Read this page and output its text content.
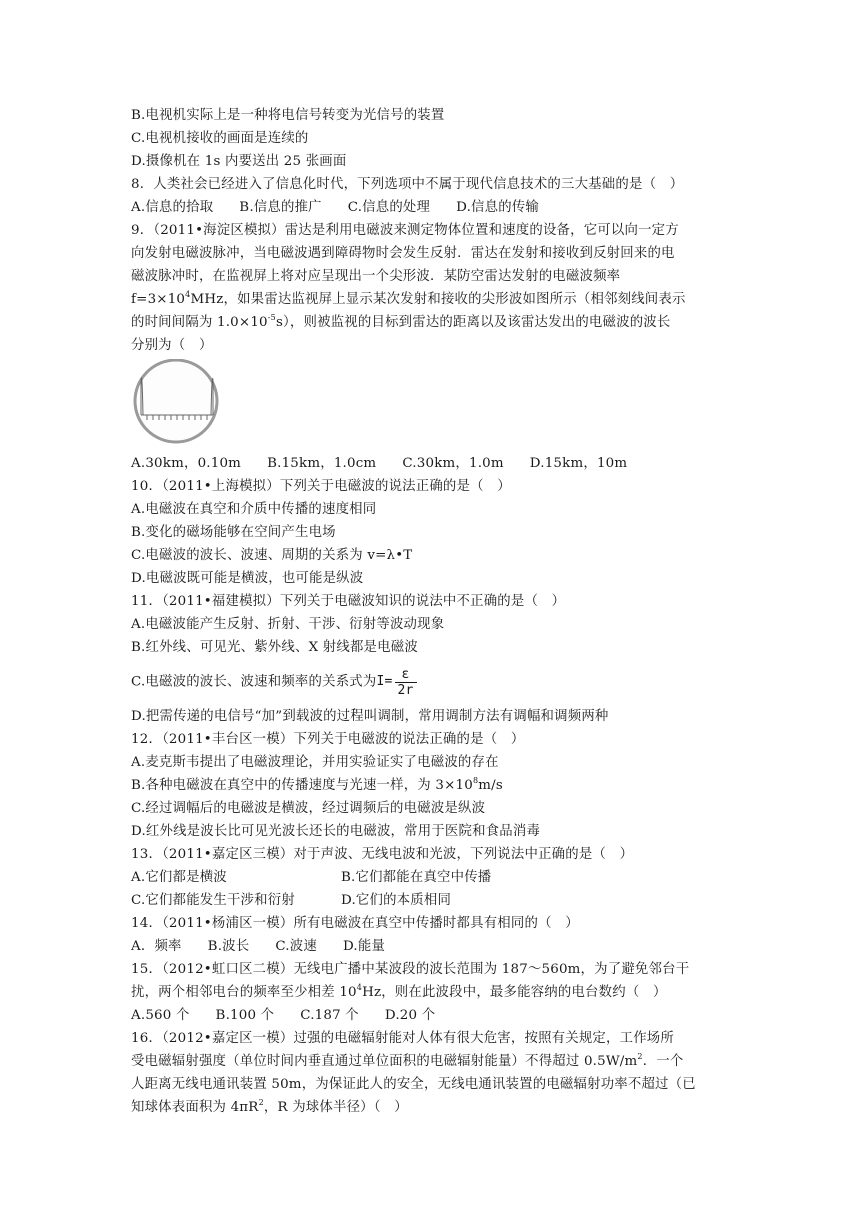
B.电视机实际上是一种将电信号转变为光信号的装置
C.电视机接收的画面是连续的
D.摄像机在 1s 内要送出 25 张画面
8．人类社会已经进入了信息化时代，下列选项中不属于现代信息技术的三大基础的是（　）
A.信息的拾取 B.信息的推广 C.信息的处理 D.信息的传输
9．（2011•海淀区模拟）雷达是利用电磁波来测定物体位置和速度的设备，它可以向一定方
向发射电磁波脉冲，当电磁波遇到障碍物时会发生反射．雷达在发射和接收到反射回来的电
磁波脉冲时，在监视屏上将对应呈现出一个尖形波．某防空雷达发射的电磁波频率
$f=3\times 10^4MHz$，如果雷达监视屏上显示某次发射和接收的尖形波如图所示（相邻刻线间表示
的时间间隔为 $1.0\times 10^{-5}s$），则被监视的目标到雷达的距离以及该雷达发出的电磁波的波长
分别为（　）
A.30km，0.10m B.15km，1.0cm C.30km，1.0m D.15km，10m
10．（2011•上海模拟）下列关于电磁波的说法正确的是（　）
A.电磁波在真空和介质中传播的速度相同
B.变化的磁场能够在空间产生电场
C.电磁波的波长、波速、周期的关系为 v=λ•T
D.电磁波既可能是横波，也可能是纵波
11．（2011•福建模拟）下列关于电磁波知识的说法中不正确的是（　）
A.电磁波能产生反射、折射、干涉、衍射等波动现象
B.红外线、可见光、紫外线、X 射线都是电磁波
C.电磁波的波长、波速和频率的关系式为$I= \frac{\varepsilon}{2r}$
D.把需传递的电信号“加”到载波的过程叫调制，常用调制方法有调幅和调频两种
12．（2011•丰台区一模）下列关于电磁波的说法正确的是（　）
A.麦克斯韦提出了电磁波理论，并用实验证实了电磁波的存在
B.各种电磁波在真空中的传播速度与光速一样，为 $3\times 10^8m/s$
C.经过调幅后的电磁波是横波，经过调频后的电磁波是纵波
D.红外线是波长比可见光波长还长的电磁波，常用于医院和食品消毒
13．（2011•嘉定区三模）对于声波、无线电波和光波，下列说法中正确的是（　）
A.它们都是横波	B.它们都能在真空中传播
C.它们都能发生干涉和衍射	D.它们的本质相同
14．（2011•杨浦区一模）所有电磁波在真空中传播时都具有相同的（　）
A．频率 B.波长 C.波速 D.能量
15．（2012•虹口区二模）无线电广播中某波段的波长范围为 187～560m，为了避免邻台干
扰，两个相邻电台的频率至少相差 $10^4Hz$，则在此波段中，最多能容纳的电台数约（　）
A.560 个 B.100 个 C.187 个 D.20 个
16．（2012•嘉定区一模）过强的电磁辐射能对人体有很大危害，按照有关规定，工作场所
受电磁辐射强度（单位时间内垂直通过单位面积的电磁辐射能量）不得超过 $0.5W/m^2$．一个
人距离无线电通讯装置 50m，为保证此人的安全，无线电通讯装置的电磁辐射功率不超过（已
知球体表面积为 $4\pi R^2$，R 为球体半径）（　）
